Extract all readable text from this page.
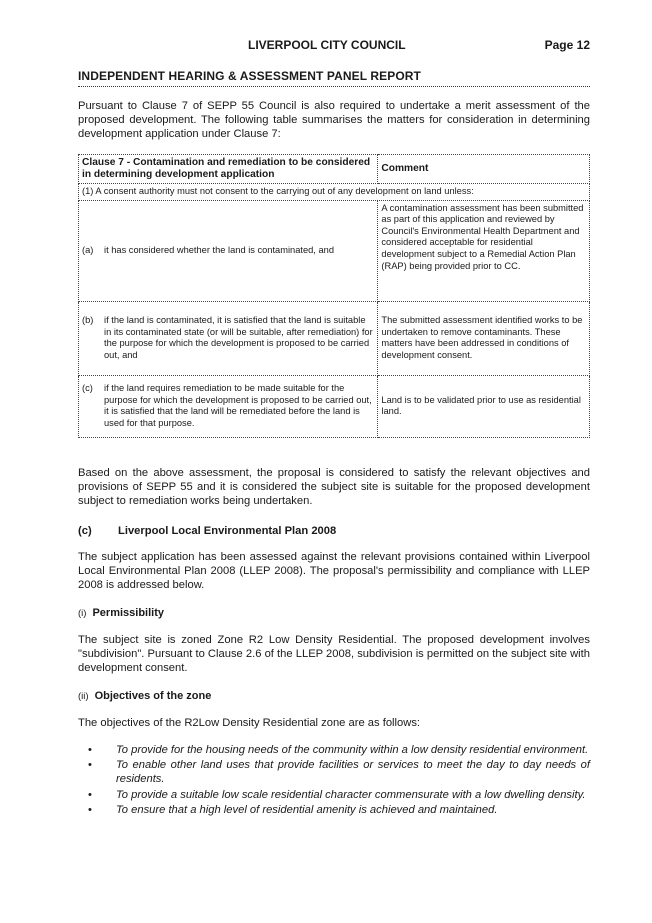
LIVERPOOL CITY COUNCIL	Page 12
INDEPENDENT HEARING & ASSESSMENT PANEL REPORT

Pursuant to Clause 7 of SEPP 55 Council is also required to undertake a merit assessment of the proposed development. The following table summarises the matters for consideration in determining development application under Clause 7:

Clause 7 - Contamination and remediation to be considered in determining development application	Comment
(1) A consent authority must not consent to the carrying out of any development on land unless:	

(a) it has considered whether the land is contaminated, and	A contamination assessment has been submitted as part of this application and reviewed by Council's Environmental Health Department and considered acceptable for residential development subject to a Remedial Action Plan (RAP) being provided prior to CC.

(b) if the land is contaminated, it is satisfied that the land is suitable in its contaminated state (or will be suitable, after remediation) for the purpose for which the development is proposed to be carried out, and	The submitted assessment identified works to be undertaken to remove contaminants. These matters have been addressed in conditions of development consent.

(c) if the land requires remediation to be made suitable for the purpose for which the development is proposed to be carried out, it is satisfied that the land will be remediated before the land is used for that purpose.	Land is to be validated prior to use as residential land.

Based on the above assessment, the proposal is considered to satisfy the relevant objectives and provisions of SEPP 55 and it is considered the subject site is suitable for the proposed development subject to remediation works being undertaken.

(c) Liverpool Local Environmental Plan 2008

The subject application has been assessed against the relevant provisions contained within Liverpool Local Environmental Plan 2008 (LLEP 2008). The proposal's permissibility and compliance with LLEP 2008 is addressed below.

(i) Permissibility

The subject site is zoned Zone R2 Low Density Residential. The proposed development involves "subdivision". Pursuant to Clause 2.6 of the LLEP 2008, subdivision is permitted on the subject site with development consent.

(ii) Objectives of the zone

The objectives of the R2Low Density Residential zone are as follows:

•	To provide for the housing needs of the community within a low density residential environment.
•	To enable other land uses that provide facilities or services to meet the day to day needs of residents.
•	To provide a suitable low scale residential character commensurate with a low dwelling density.
•	To ensure that a high level of residential amenity is achieved and maintained.
